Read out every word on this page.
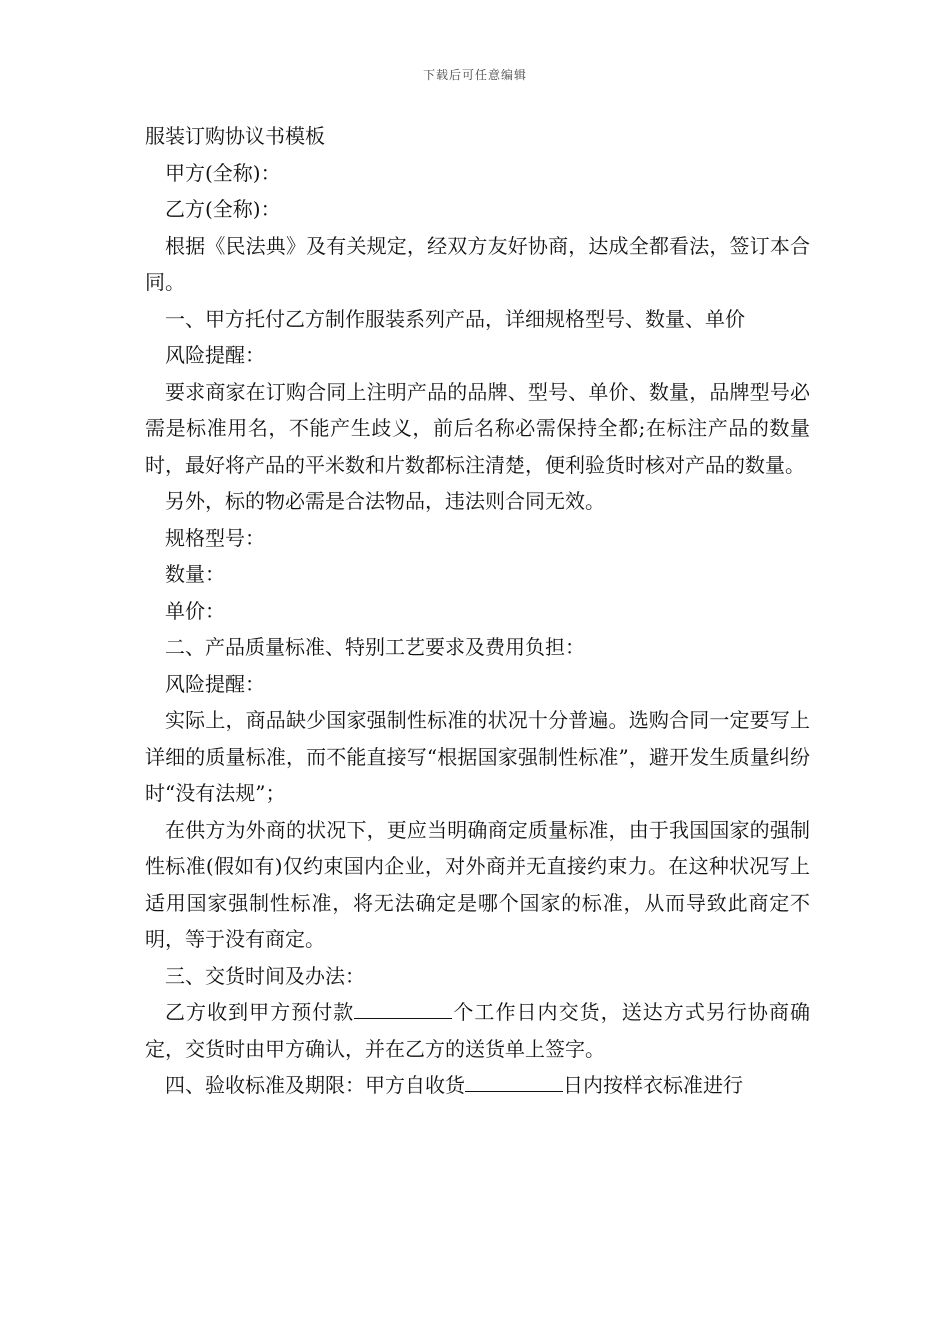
下载后可任意编辑

服装订购协议书模板

甲方(全称)：

乙方(全称)：

根据《民法典》及有关规定，经双方友好协商，达成全都看法，签订本合同。

一、甲方托付乙方制作服装系列产品，详细规格型号、数量、单价

风险提醒：

要求商家在订购合同上注明产品的品牌、型号、单价、数量，品牌型号必需是标准用名，不能产生歧义，前后名称必需保持全都;在标注产品的数量时，最好将产品的平米数和片数都标注清楚，便利验货时核对产品的数量。

另外，标的物必需是合法物品，违法则合同无效。

规格型号：

数量：

单价：

二、产品质量标准、特别工艺要求及费用负担：

风险提醒：

实际上，商品缺少国家强制性标准的状况十分普遍。选购合同一定要写上详细的质量标准，而不能直接写“根据国家强制性标准”，避开发生质量纠纷时“没有法规”；

在供方为外商的状况下，更应当明确商定质量标准，由于我国国家的强制性标准(假如有)仅约束国内企业，对外商并无直接约束力。在这种状况写上适用国家强制性标准，将无法确定是哪个国家的标准，从而导致此商定不明，等于没有商定。

三、交货时间及办法：

乙方收到甲方预付款	个工作日内交货，送达方式另行协商确定，交货时由甲方确认，并在乙方的送货单上签字。

四、验收标准及期限：甲方自收货	日内按样衣标准进行
